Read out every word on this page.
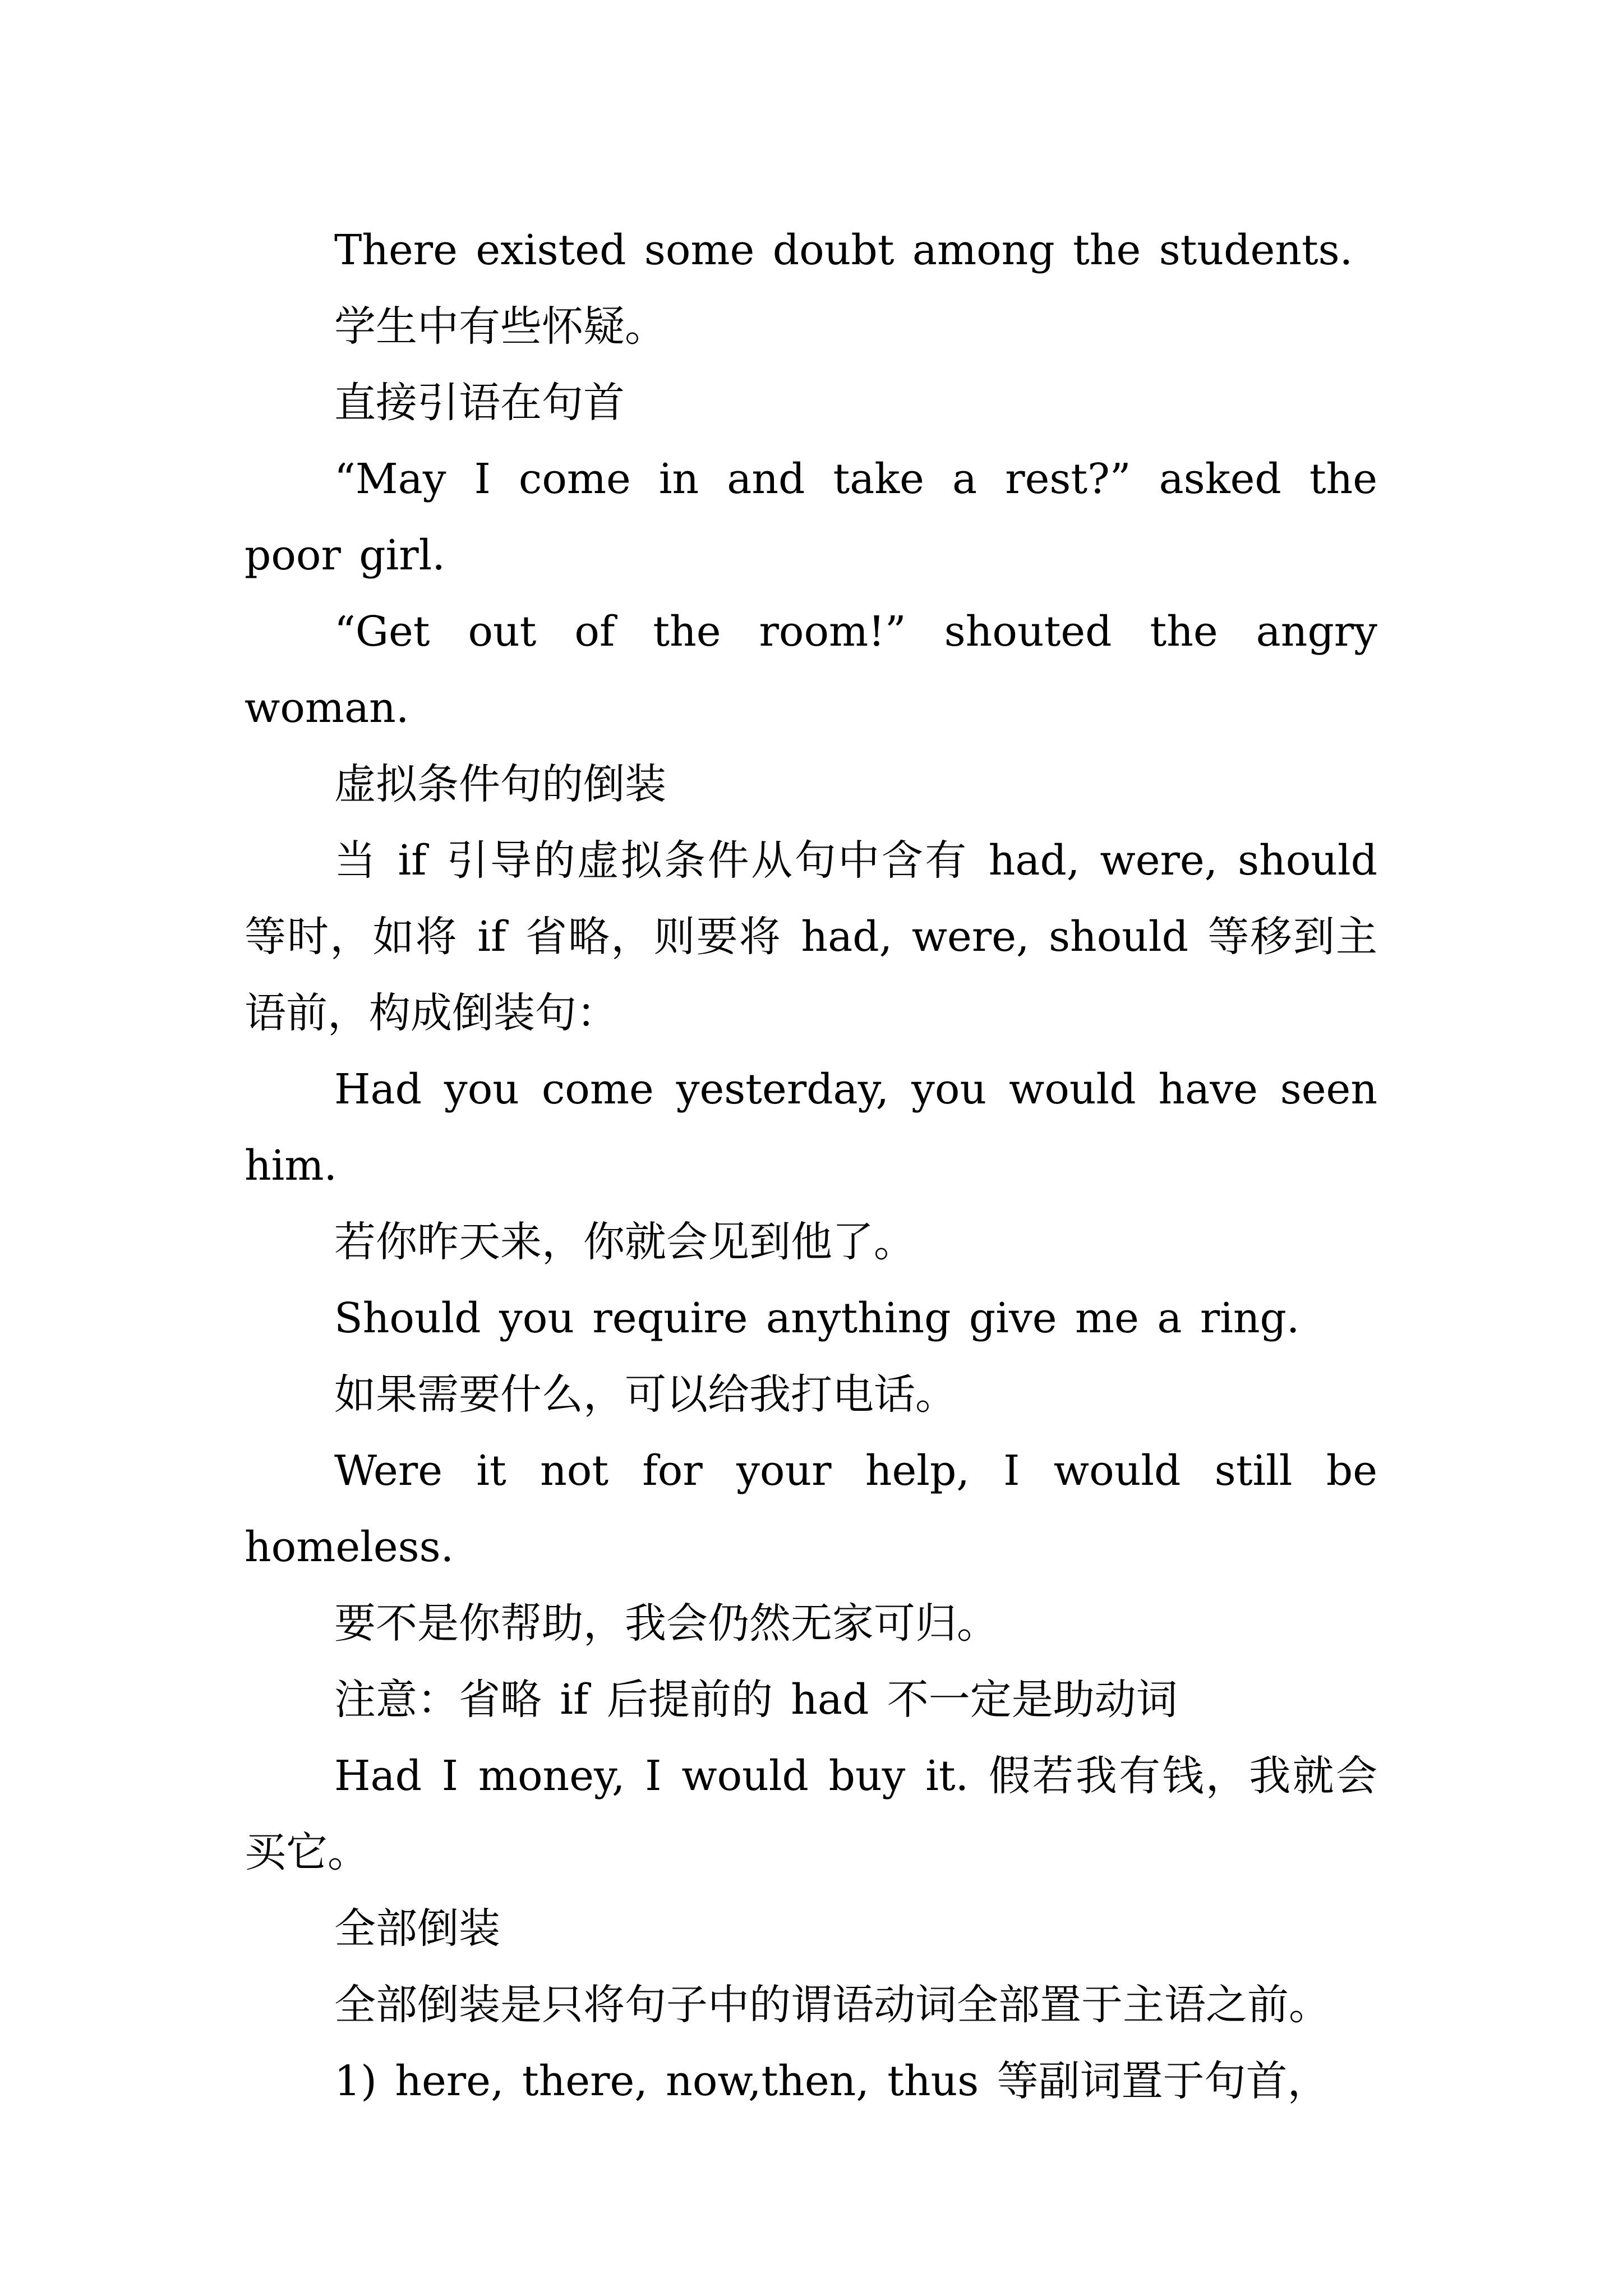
There existed some doubt among the students.

学生中有些怀疑。

直接引语在句首

“May I come in and take a rest?” asked the poor girl.

“Get out of the room!” shouted the angry woman.

虚拟条件句的倒装

当 if 引导的虚拟条件从句中含有 had, were, should 等时，如将 if 省略，则要将 had, were, should 等移到主语前，构成倒装句：

Had you come yesterday, you would have seen him.

若你昨天来，你就会见到他了。

Should you require anything give me a ring.

如果需要什么，可以给我打电话。

Were it not for your help, I would still be homeless.

要不是你帮助，我会仍然无家可归。

注意：省略 if 后提前的 had 不一定是助动词

Had I money, I would buy it. 假若我有钱，我就会买它。

全部倒装

全部倒装是只将句子中的谓语动词全部置于主语之前。

1) here, there, now,then, thus 等副词置于句首，
